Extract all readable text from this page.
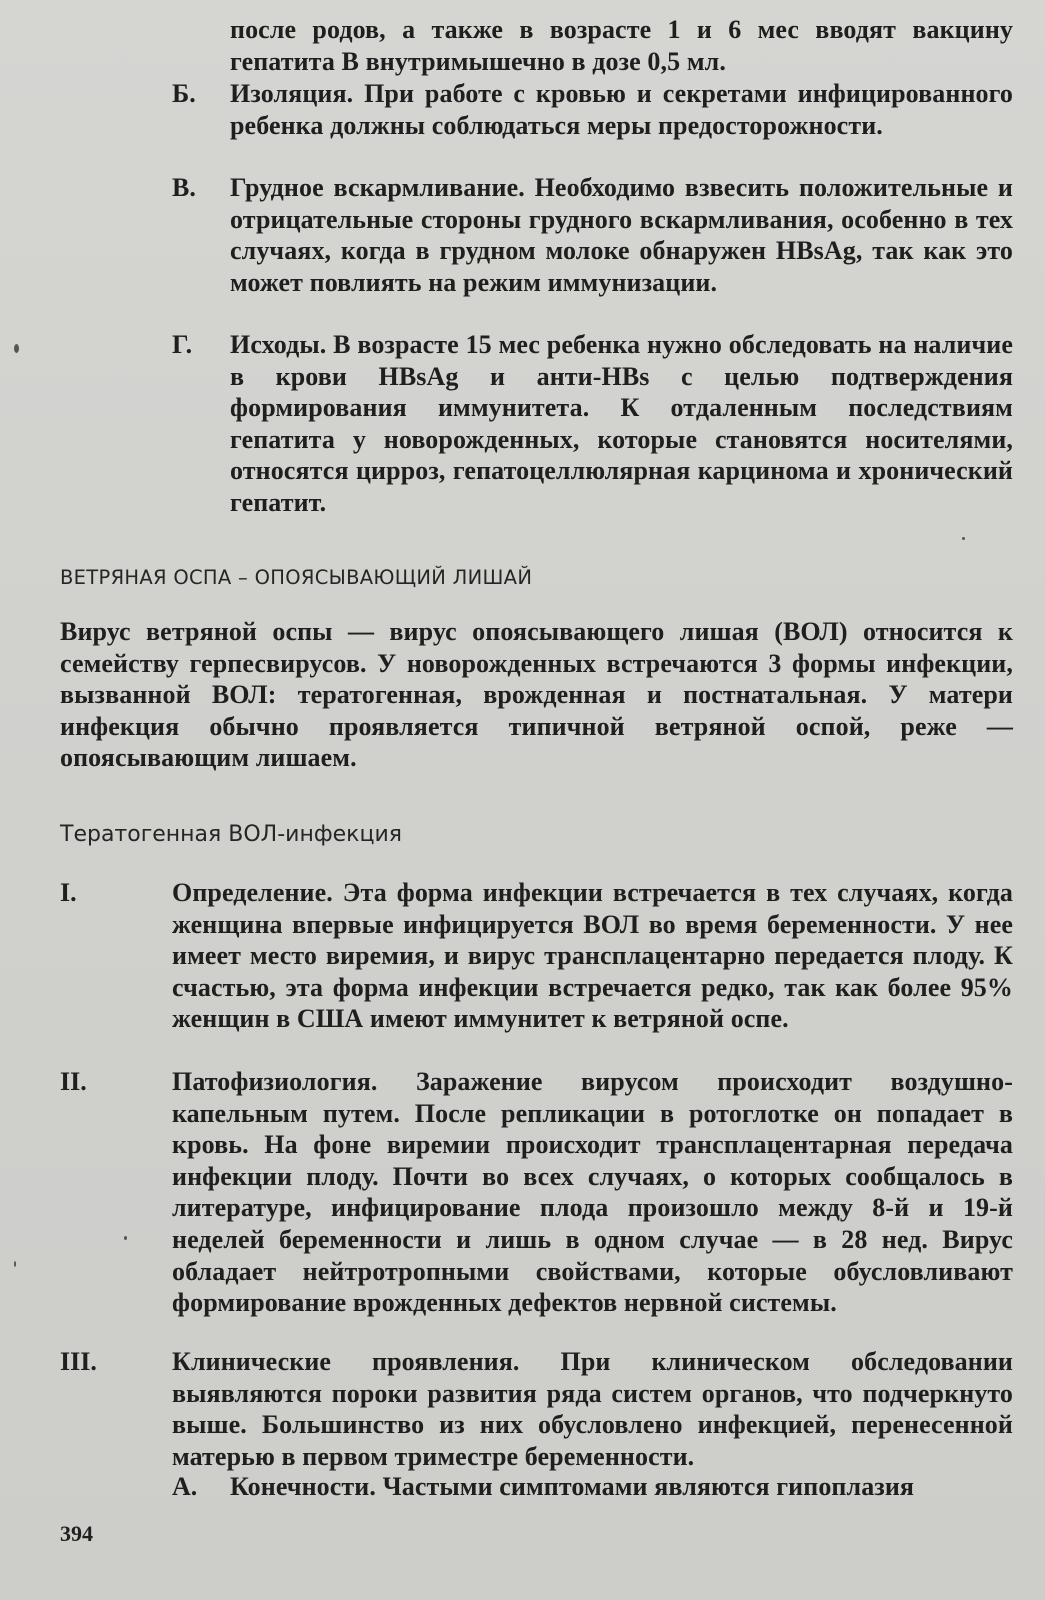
после родов, а также в возрасте 1 и 6 мес вводят вакцину гепатита В внутримышечно в дозе 0,5 мл.
Б. Изоляция. При работе с кровью и секретами инфицированного ребенка должны соблюдаться меры предосторожности.
В. Грудное вскармливание. Необходимо взвесить положительные и отрицательные стороны грудного вскармливания, особенно в тех случаях, когда в грудном молоке обнаружен HBsAg, так как это может повлиять на режим иммунизации.
Г. Исходы. В возрасте 15 мес ребенка нужно обследовать на наличие в крови HBsAg и анти-HBs с целью подтверждения формирования иммунитета. К отдаленным последствиям гепатита у новорожденных, которые становятся носителями, относятся цирроз, гепатоцеллюлярная карцинома и хронический гепатит.
ВЕТРЯНАЯ ОСПА – ОПОЯСЫВАЮЩИЙ ЛИШАЙ
Вирус ветряной оспы — вирус опоясывающего лишая (ВОЛ) относится к семейству герпесвирусов. У новорожденных встречаются 3 формы инфекции, вызванной ВОЛ: тератогенная, врожденная и постнатальная. У матери инфекция обычно проявляется типичной ветряной оспой, реже — опоясывающим лишаем.
Тератогенная ВОЛ-инфекция
I.	Определение. Эта форма инфекции встречается в тех случаях, когда женщина впервые инфицируется ВОЛ во время беременности. У нее имеет место виремия, и вирус трансплацентарно передается плоду. К счастью, эта форма инфекции встречается редко, так как более 95% женщин в США имеют иммунитет к ветряной оспе.
II.	Патофизиология. Заражение вирусом происходит воздушно-капельным путем. После репликации в ротоглотке он попадает в кровь. На фоне виремии происходит трансплацентарная передача инфекции плоду. Почти во всех случаях, о которых сообщалось в литературе, инфицирование плода произошло между 8-й и 19-й неделей беременности и лишь в одном случае — в 28 нед. Вирус обладает нейтротропными свойствами, которые обусловливают формирование врожденных дефектов нервной системы.
III.	Клинические проявления. При клиническом обследовании выявляются пороки развития ряда систем органов, что подчеркнуто выше. Большинство из них обусловлено инфекцией, перенесенной матерью в первом триместре беременности.
А. Конечности. Частыми симптомами являются гипоплазия
394
